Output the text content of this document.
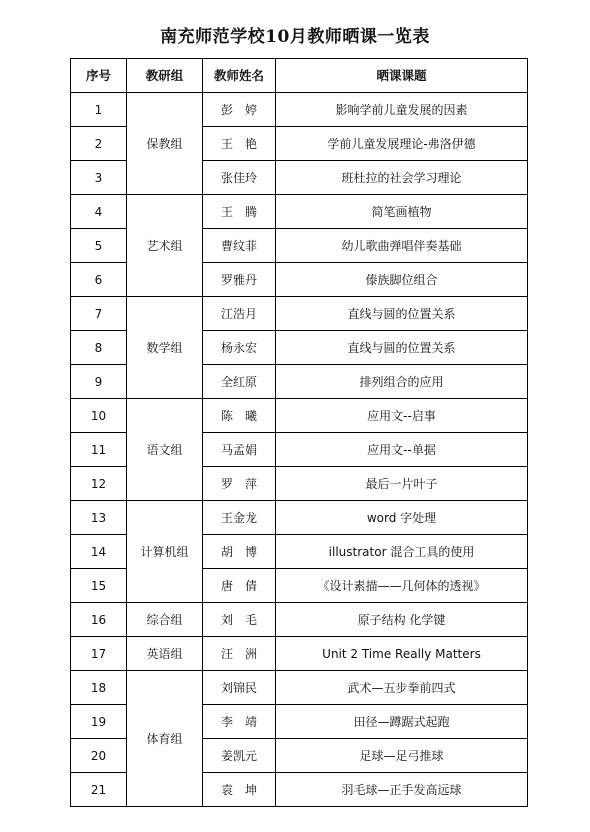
南充师范学校10月教师晒课一览表
序号	教研组	教师姓名	晒课课题
1	保教组	彭　婷	影响学前儿童发展的因素
2		王　艳	学前儿童发展理论-弗洛伊德
3		张佳玲	班杜拉的社会学习理论
4	艺术组	王　腾	简笔画植物
5		曹纹菲	幼儿歌曲弹唱伴奏基础
6		罗雅丹	傣族脚位组合
7	数学组	江浩月	直线与圆的位置关系
8		杨永宏	直线与圆的位置关系
9		全红原	排列组合的应用
10	语文组	陈　曦	应用文--启事
11		马孟娟	应用文--单据
12		罗　萍	最后一片叶子
13	计算机组	王金龙	word 字处理
14		胡　博	illustrator 混合工具的使用
15		唐　倩	《设计素描——几何体的透视》
16	综合组	刘　毛	原子结构 化学键
17	英语组	汪　洲	Unit 2 Time Really Matters
18	体育组	刘锦民	武术—五步拳前四式
19		李　靖	田径—蹲踞式起跑
20		姜凯元	足球—足弓推球
21		袁　坤	羽毛球—正手发高远球
